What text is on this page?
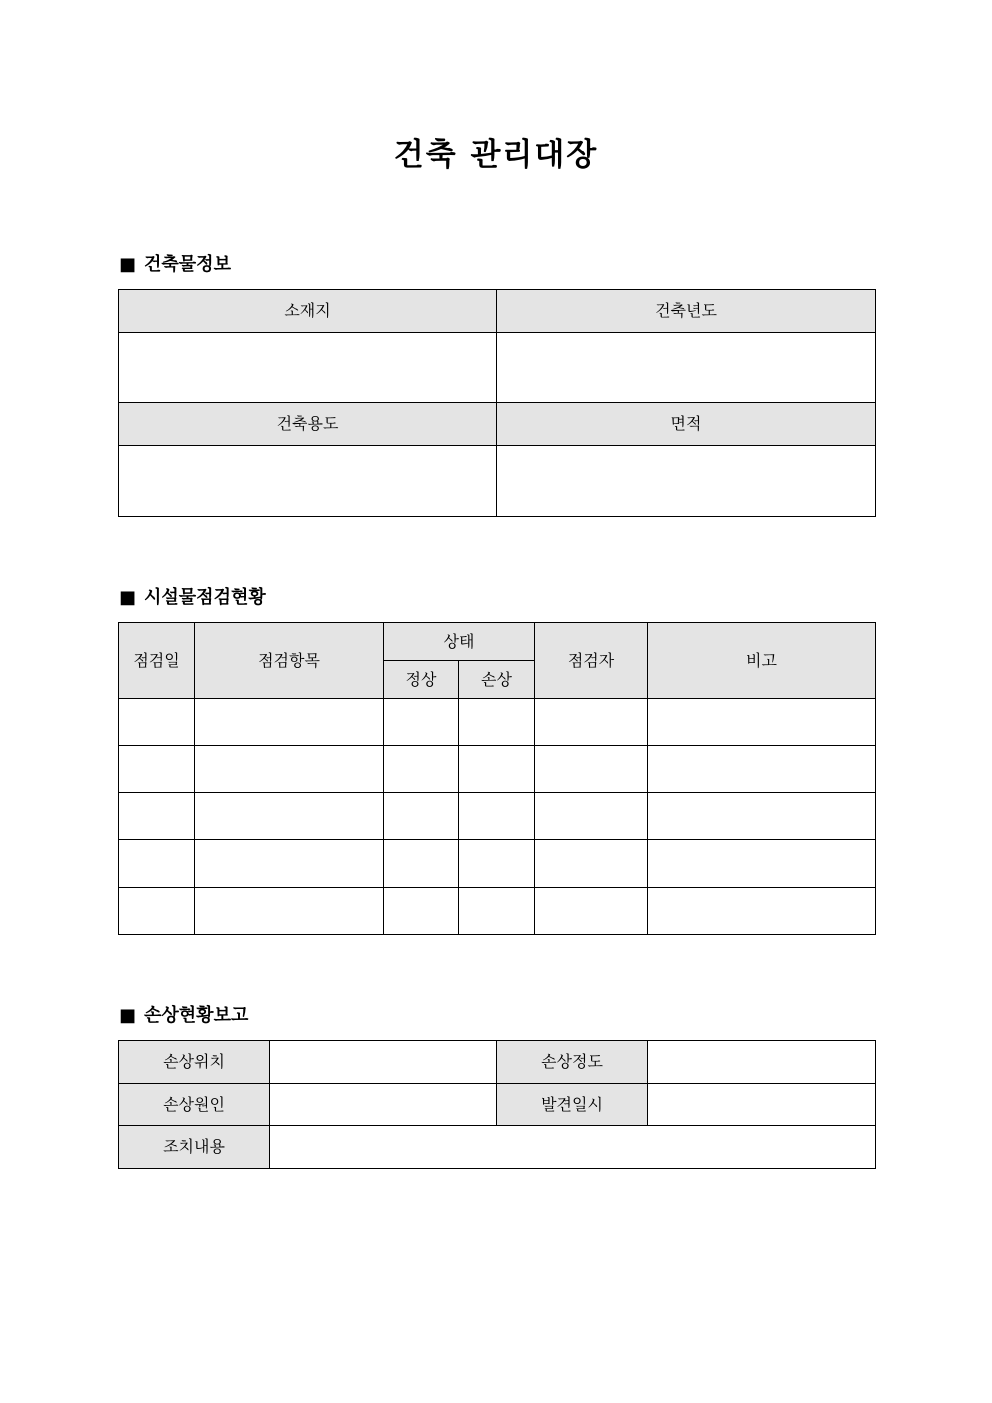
건축 관리대장
■ 건축물정보
소재지	건축년도

건축용도	면적

■ 시설물점검현황
점검일	점검항목	상태		점검자	비고
		정상	손상		

■ 손상현황보고
손상위치		손상정도	
손상원인		발견일시	
조치내용			
